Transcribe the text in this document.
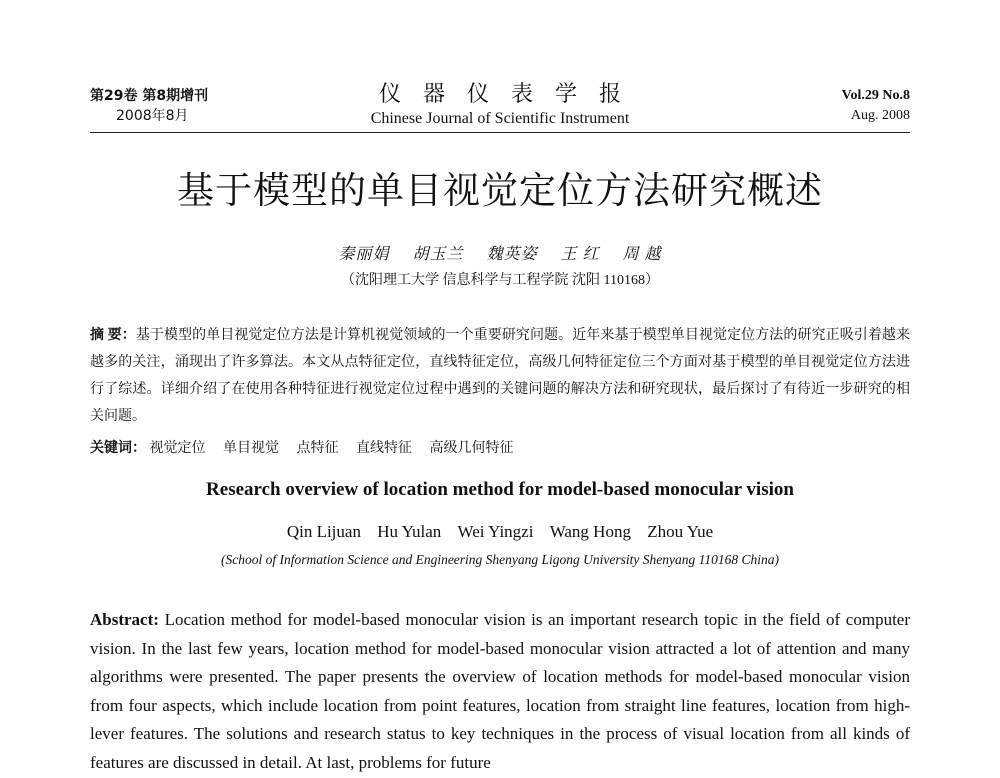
第29卷 第8期增刊
2008年8月
仪器仪表学报
Chinese Journal of Scientific Instrument
Vol.29 No.8
Aug. 2008
基于模型的单目视觉定位方法研究概述
秦丽娟 胡玉兰 魏英姿 王 红 周 越
（沈阳理工大学 信息科学与工程学院 沈阳 110168）
摘 要：基于模型的单目视觉定位方法是计算机视觉领域的一个重要研究问题。近年来基于模型单目视觉定位方法的研究正吸引着越来越多的关注，涌现出了许多算法。本文从点特征定位，直线特征定位，高级几何特征定位三个方面对基于模型的单目视觉定位方法进行了综述。详细介绍了在使用各种特征进行视觉定位过程中遇到的关键问题的解决方法和研究现状，最后探讨了有待近一步研究的相关问题。
关键词： 视觉定位 单目视觉 点特征 直线特征 高级几何特征
Research overview of location method for model-based monocular vision
Qin Lijuan Hu Yulan Wei Yingzi Wang Hong Zhou Yue
(School of Information Science and Engineering Shenyang Ligong University Shenyang 110168 China)
Abstract: Location method for model-based monocular vision is an important research topic in the field of computer vision. In the last few years, location method for model-based monocular vision attracted a lot of attention and many algorithms were presented. The paper presents the overview of location methods for model-based monocular vision from four aspects, which include location from point features, location from straight line features, location from high-lever features. The solutions and research status to key techniques in the process of visual location from all kinds of features are discussed in detail. At last, problems for future
